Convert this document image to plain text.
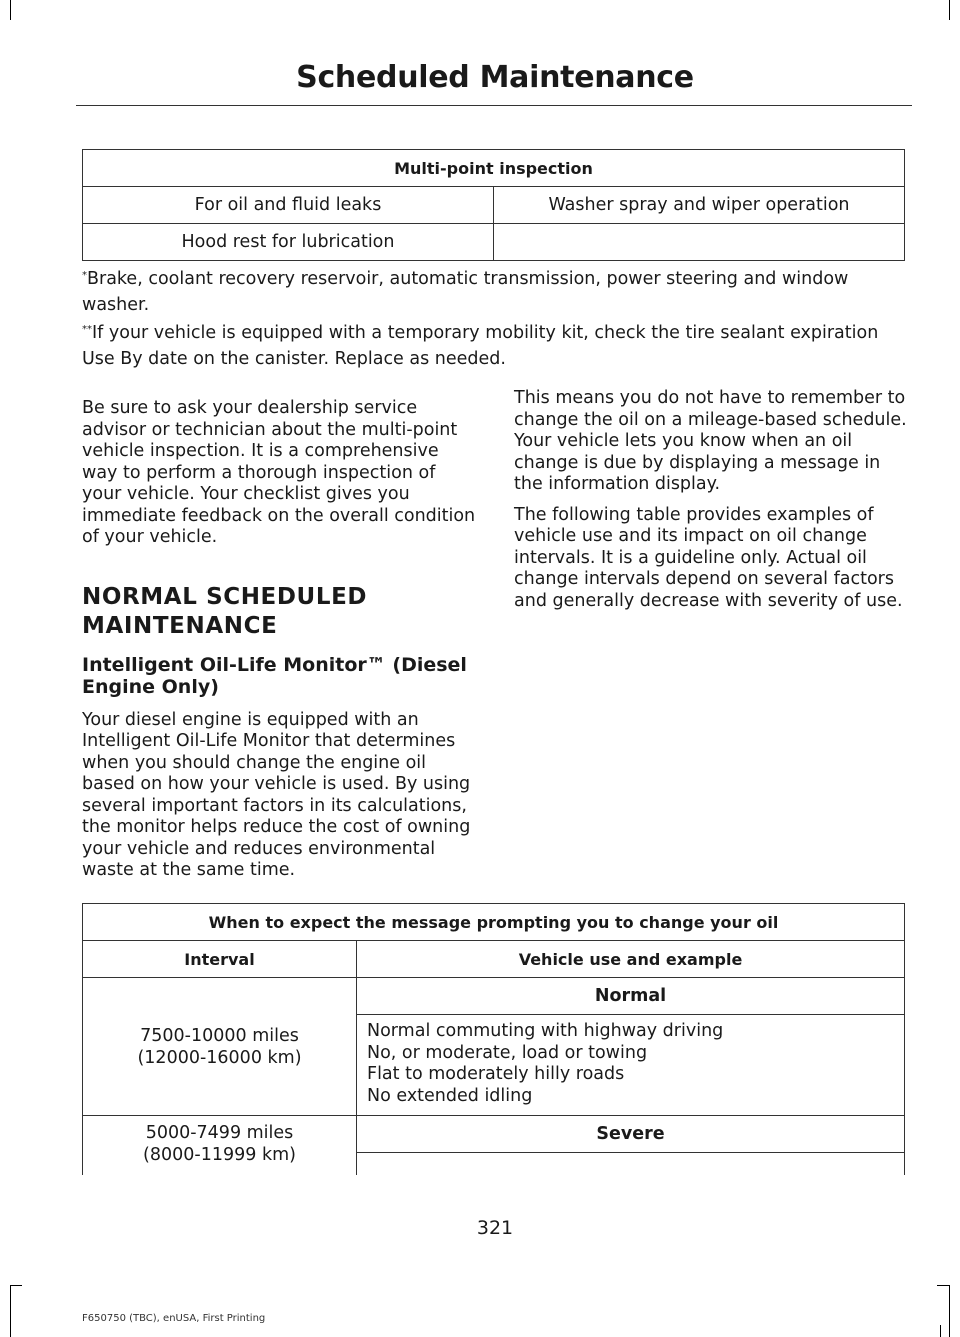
Scheduled Maintenance
Multi-point inspection	
For oil and fluid leaks	Washer spray and wiper operation
Hood rest for lubrication	

*Brake, coolant recovery reservoir, automatic transmission, power steering and window washer.

**If your vehicle is equipped with a temporary mobility kit, check the tire sealant expiration Use By date on the canister. Replace as needed.

Be sure to ask your dealership service advisor or technician about the multi-point vehicle inspection. It is a comprehensive way to perform a thorough inspection of your vehicle. Your checklist gives you immediate feedback on the overall condition of your vehicle.

NORMAL SCHEDULED
MAINTENANCE
Intelligent Oil-Life Monitor™ (Diesel Engine Only)

Your diesel engine is equipped with an Intelligent Oil-Life Monitor that determines when you should change the engine oil based on how your vehicle is used. By using several important factors in its calculations, the monitor helps reduce the cost of owning your vehicle and reduces environmental waste at the same time.

This means you do not have to remember to change the oil on a mileage-based schedule. Your vehicle lets you know when an oil change is due by displaying a message in the information display.

The following table provides examples of vehicle use and its impact on oil change intervals. It is a guideline only. Actual oil change intervals depend on several factors and generally decrease with severity of use.

When to expect the message prompting you to change your oil	
Interval	Vehicle use and example

7500-10000 miles
(12000-16000 km)	Normal

	Normal commuting with highway driving
No, or moderate, load or towing
Flat to moderately hilly roads
No extended idling

5000-7499 miles
(8000-11999 km)	Severe

321
F650750 (TBC), enUSA, First Printing
